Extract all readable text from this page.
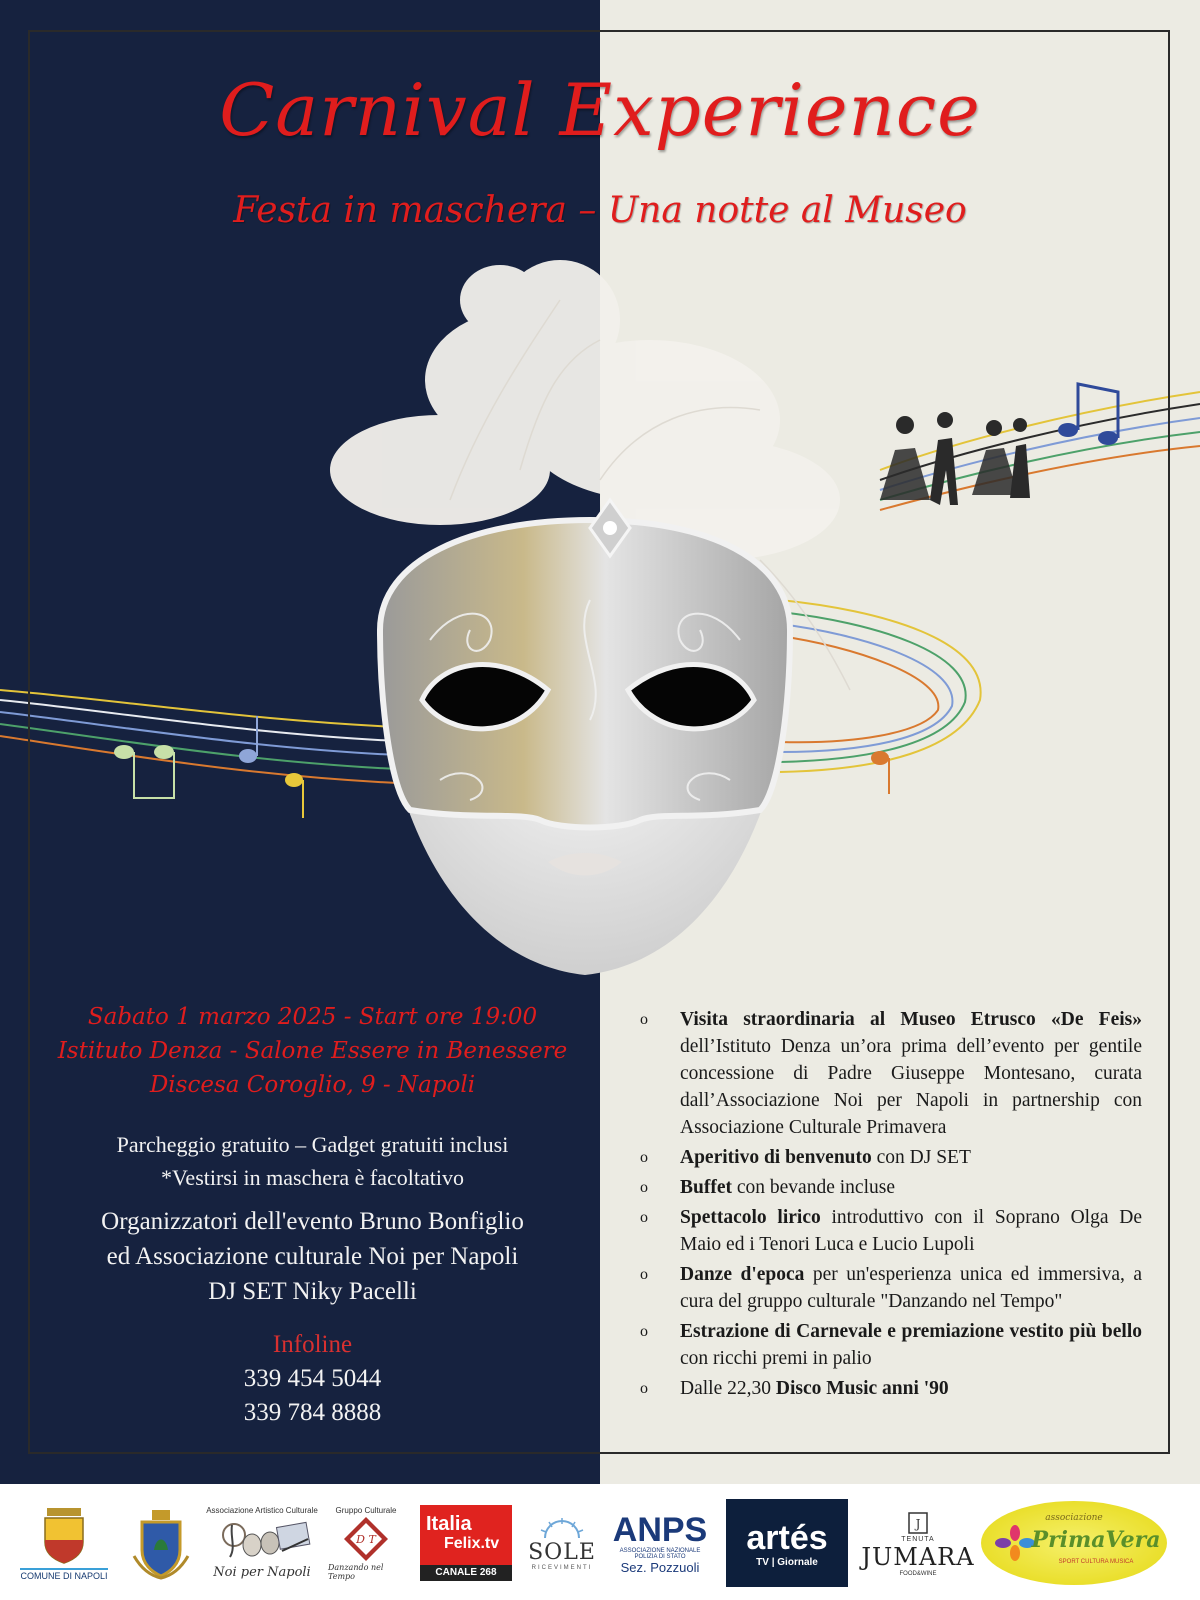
Carnival Experience
Festa in maschera – Una notte al Museo
Sabato 1 marzo 2025 - Start ore 19:00
Istituto Denza - Salone Essere in Benessere
Discesa Coroglio, 9 - Napoli
Parcheggio gratuito – Gadget gratuiti inclusi
*Vestirsi in maschera è facoltativo
Organizzatori dell'evento Bruno Bonfiglio
ed Associazione culturale Noi per Napoli
DJ SET Niky Pacelli
Infoline
339 454 5044
339 784 8888
o Visita straordinaria al Museo Etrusco «De Feis» dell’Istituto Denza un’ora prima dell’evento per gentile concessione di Padre Giuseppe Montesano, curata dall’Associazione Noi per Napoli in partnership con Associazione Culturale Primavera
o Aperitivo di benvenuto con DJ SET
o Buffet con bevande incluse
o Spettacolo lirico introduttivo con il Soprano Olga De Maio ed i Tenori Luca e Lucio Lupoli
o Danze d'epoca per un'esperienza unica ed immersiva, a cura del gruppo culturale "Danzando nel Tempo"
o Estrazione di Carnevale e premiazione vestito più bello con ricchi premi in palio
o Dalle 22,30 Disco Music anni '90
COMUNE DI NAPOLI
Associazione Artistico Culturale
Noi per Napoli
Gruppo Culturale
D T
Danzando nel Tempo
Italia
Felix.tv
CANALE 268
SOLE
RICEVIMENTI
ANPS
ASSOCIAZIONE NAZIONALE
POLIZIA DI STATO
Sez. Pozzuoli
artés
TV | Giornale
J
TENUTA
JUMARA
FOOD&WINE
associazione
PrimaVera
SPORT CULTURA MUSICA
